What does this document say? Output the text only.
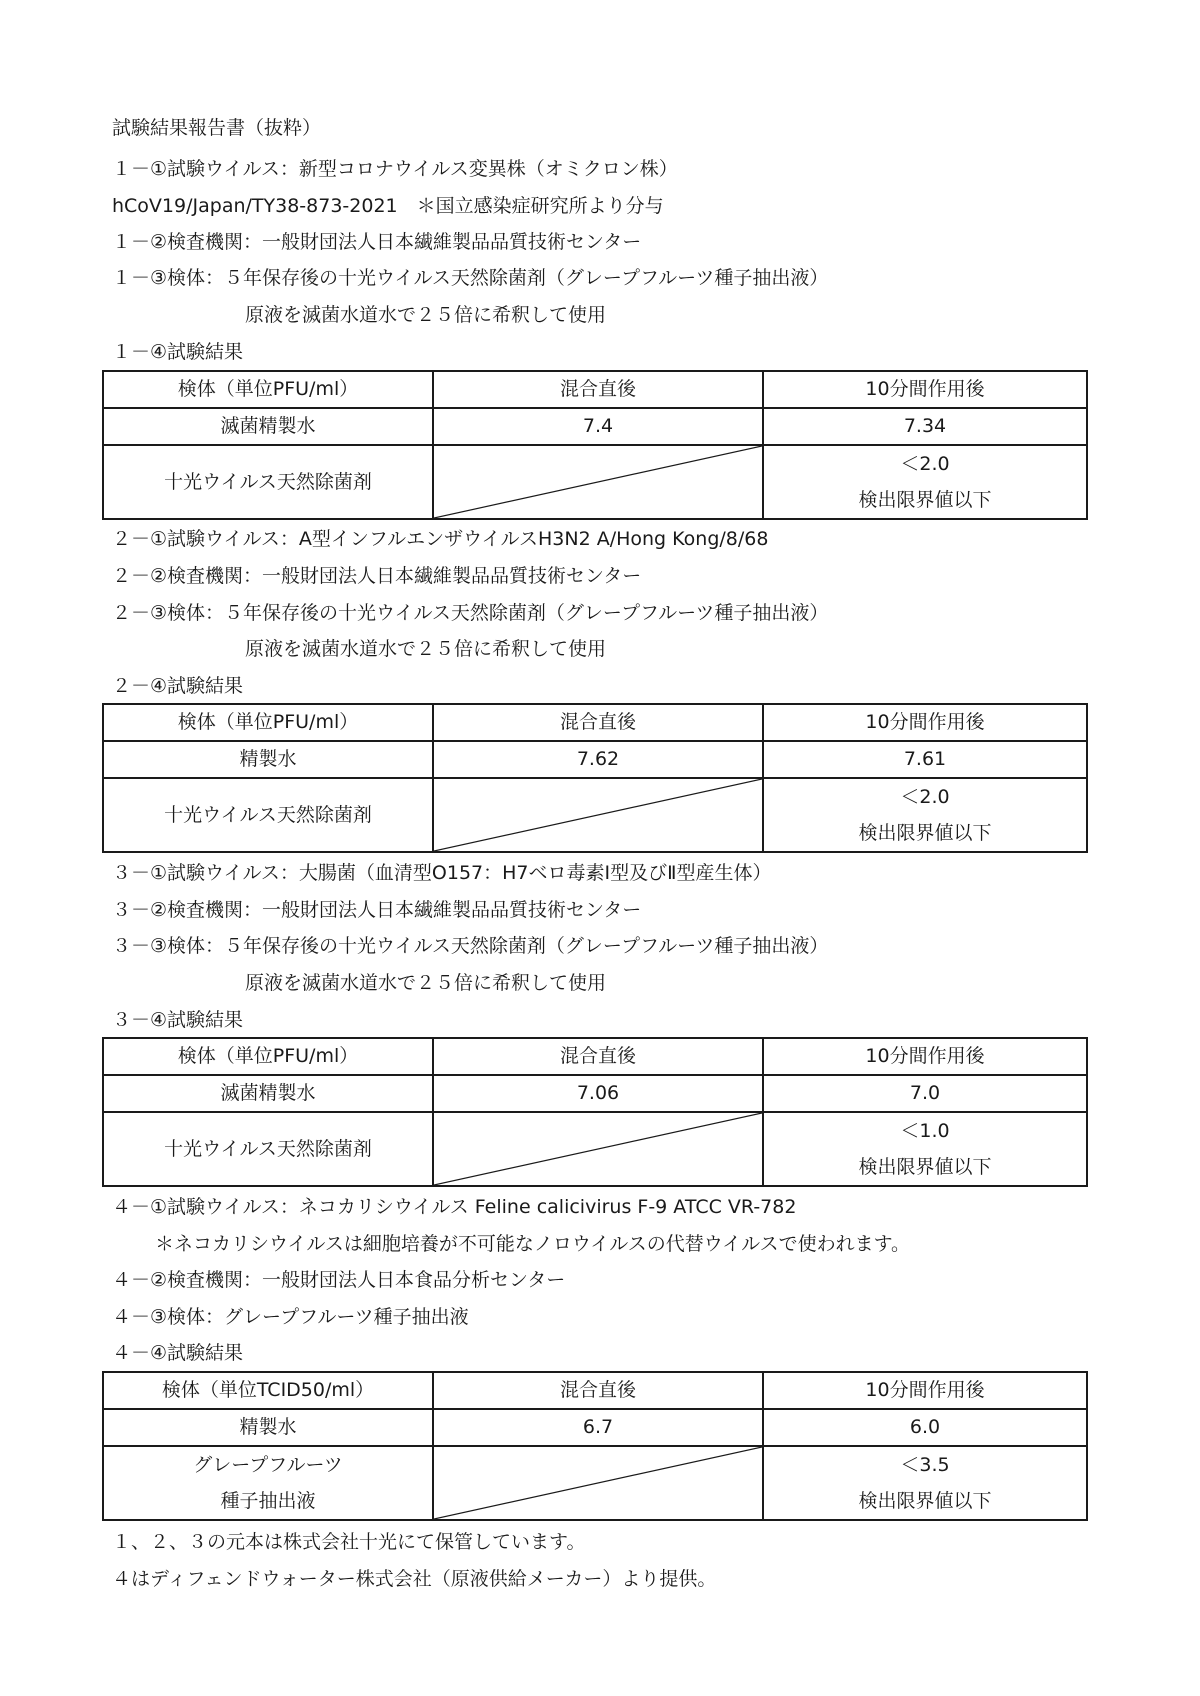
試験結果報告書（抜粋）
１－①試験ウイルス：新型コロナウイルス変異株（オミクロン株）
hCoV19/Japan/TY38-873-2021　＊国立感染症研究所より分与
１－②検査機関：一般財団法人日本繊維製品品質技術センター
１－③検体：５年保存後の十光ウイルス天然除菌剤（グレープフルーツ種子抽出液）
原液を滅菌水道水で２５倍に希釈して使用
１－④試験結果
検体（単位PFU/ml）	混合直後	10分間作用後
滅菌精製水	7.4	7.34
十光ウイルス天然除菌剤		＜2.0
検出限界値以下
２－①試験ウイルス：A型インフルエンザウイルスH3N2 A/Hong Kong/8/68
２－②検査機関：一般財団法人日本繊維製品品質技術センター
２－③検体：５年保存後の十光ウイルス天然除菌剤（グレープフルーツ種子抽出液）
原液を滅菌水道水で２５倍に希釈して使用
２－④試験結果
検体（単位PFU/ml）	混合直後	10分間作用後
精製水	7.62	7.61
十光ウイルス天然除菌剤		＜2.0
検出限界値以下
３－①試験ウイルス：大腸菌（血清型O157：H7ベロ毒素Ⅰ型及びⅡ型産生体）
３－②検査機関：一般財団法人日本繊維製品品質技術センター
３－③検体：５年保存後の十光ウイルス天然除菌剤（グレープフルーツ種子抽出液）
原液を滅菌水道水で２５倍に希釈して使用
３－④試験結果
検体（単位PFU/ml）	混合直後	10分間作用後
滅菌精製水	7.06	7.0
十光ウイルス天然除菌剤		＜1.0
検出限界値以下
４－①試験ウイルス：ネコカリシウイルス Feline calicivirus F-9 ATCC VR-782
＊ネコカリシウイルスは細胞培養が不可能なノロウイルスの代替ウイルスで使われます。
４－②検査機関：一般財団法人日本食品分析センター
４－③検体：グレープフルーツ種子抽出液
４－④試験結果
検体（単位TCID50/ml）	混合直後	10分間作用後
精製水	6.7	6.0

グレープフルーツ
種子抽出液		＜3.5
検出限界値以下
１、２、３の元本は株式会社十光にて保管しています。
４はディフェンドウォーター株式会社（原液供給メーカー）より提供。
